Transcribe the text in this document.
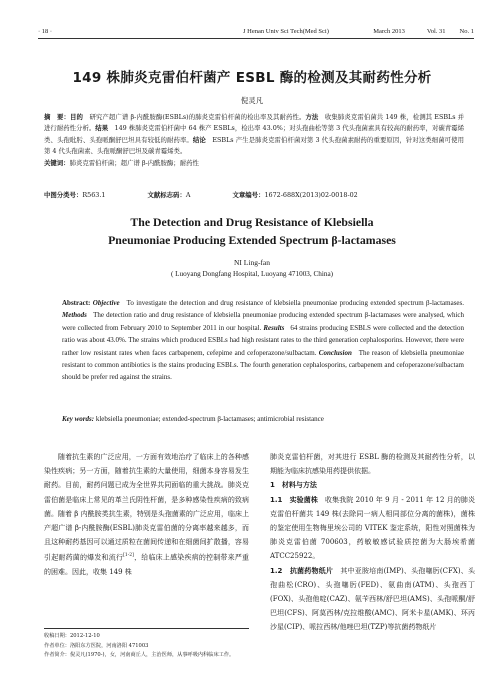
· 18 ·	J Henan Univ Sci Tech(Med Sci)	March 2013	Vol. 31 No. 1
149 株肺炎克雷伯杆菌产 ESBL 酶的检测及其耐药性分析
倪灵凡
摘　要：目的　 研究产超广谱 β-内酰胺酶(ESBLs)的肺炎克雷伯杆菌的检出率及其耐药性。方法　 收集肺炎克雷伯菌共 149 株，检测其 ESBLs 并进行耐药性分析。结果　 149 株肺炎克雷伯杆菌中 64 株产 ESBLs，检出率 43.0%；对头孢曲松等第 3 代头孢菌素具有较高的耐药率，对碳青霉烯类、头孢吡肟、头孢哌酮舒巴坦具有较低的耐药率。结论　 ESBLs 产生是肺炎克雷伯杆菌对第 3 代头孢菌素耐药的重要原因，针对这类细菌可使用第 4 代头孢菌素、头孢哌酮舒巴坦及碳青霉烯类。
关键词：肺炎克雷伯杆菌；超广谱 β-内酰胺酶；耐药性
中图分类号：R563.1	文献标志码：A	文章编号：1672-688X(2013)02-0018-02
The Detection and Drug Resistance of Klebsiella
Pneumoniae Producing Extended Spectrum β-lactamases
NI Ling-fan
( Luoyang Dongfang Hospital, Luoyang 471003, China)
Abstract: Objective To investigate the detection and drug resistance of klebsiella pneumoniae producing extended spectrum β-lactamases. Methods The detection ratio and drug resistance of klebsiella pneumoniae producing extended spectrum β-lactamases were analysed, which were collected from February 2010 to September 2011 in our hospital. Results 64 strains producing ESBLS were collected and the detection ratio was about 43.0%. The strains which produced ESBLs had high resistant rates to the third generation cephalosporins. However, there were rather low resistant rates when faces carbapenem, cefepime and cefoperazone/sulbactam. Conclusion The reason of klebsiella pneumoniae resistant to common antibiotics is the stains producing ESBLs. The fourth generation cephalosporins, carbapenem and cefoperazone/sulbactam should be prefer red against the strains.
Key words: klebsiella pneumoniae; extended-spectrum β-lactamases; antimicrobial resistance

随着抗生素的广泛应用，一方面有效地治疗了临床上的各种感染性疾病；另一方面，随着抗生素的大量使用，细菌本身容易发生耐药。目前，耐药问题已成为全世界共同面临的重大挑战。肺炎克雷伯菌是临床上常见的革兰氏阴性杆菌，是多种感染性疾病的致病菌。随着 β 内酰胺类抗生素，特别是头孢菌素的广泛应用，临床上产超广谱 β-内酰胺酶(ESBL)肺炎克雷伯菌的分离率越来越多，而且这种耐药基因可以通过质粒在菌间传递和在细菌间扩散播，容易引起耐药菌的爆发和流行[1-2]，给临床上感染疾病的控制带来严重的困难。因此，收集 149 株

收稿日期：2012-12-10
作者单位：洛阳东方医院，河南洛阳 471003
作者简介：倪灵凡(1970-)，女，河南商丘人，主治医师，从事呼吸内科临床工作。

肺炎克雷伯杆菌，对其进行 ESBL 酶的检测及其耐药性分析，以期能为临床抗感染用药提供依据。

1　材料与方法

1.1　实验菌株　 收集我院 2010 年 9 月 - 2011 年 12 月的肺炎克雷伯杆菌共 149 株(去除同一病人相同部位分离的菌株)，菌株的鉴定使用生物梅里埃公司的 VITEK 鉴定系统，阳性对照菌株为肺炎克雷伯菌 700603，药敏敏感试验质控菌为大肠埃希菌 ATCC25922。

1.2　抗菌药物纸片　 其中亚胺培南(IMP)、头孢噻肟(CFX)、头孢曲松(CRO)、头孢噻肟(FED)、氨曲南(ATM)、头孢西丁(FOX)、头孢他啶(CAZ)、氨苄西林/舒巴坦(AMS)、头孢哌酮/舒巴坦(CFS)、阿莫西林/克拉维酸(AMC)、阿米卡星(AMK)、环丙沙星(CIP)、哌拉西林/他唑巴坦(TZP)等抗菌药物纸片
